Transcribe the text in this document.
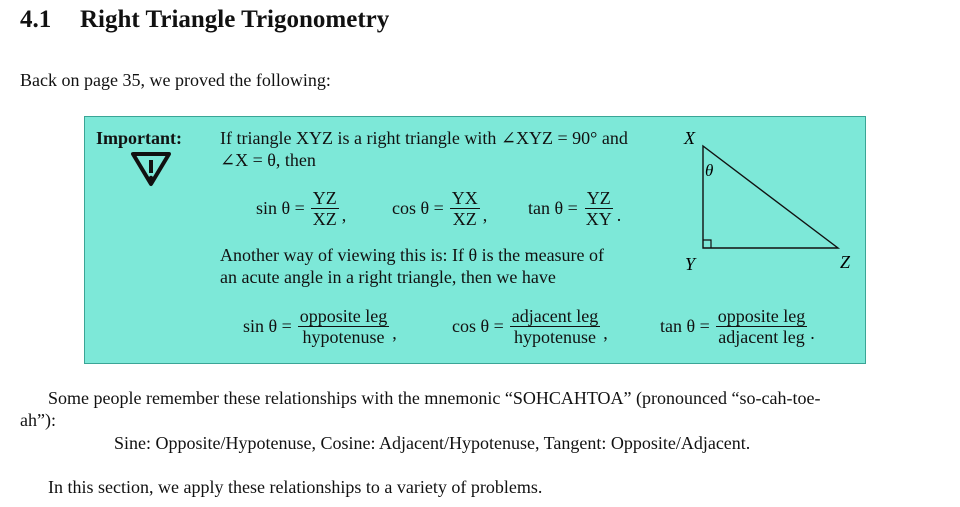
4.1 Right Triangle Trigonometry
Back on page 35, we proved the following:
Important: If triangle XYZ is a right triangle with ∠XYZ = 90° and
∠X = θ, then
$\sin \theta = \frac{YZ}{XZ}$ ,	$\cos \theta = \frac{YX}{XZ}$ , $\tan \theta = \frac{YZ}{XY}$ .
Another way of viewing this is: If θ is the measure of
an acute angle in a right triangle, then we have
$\sin \theta = \frac{\text{opposite leg}}{\text{hypotenuse}}$ ,	$\cos \theta = \frac{\text{adjacent leg}}{\text{hypotenuse}}$ ,	$\tan \theta = \frac{\text{opposite leg}}{\text{adjacent leg}}$ .
X
Y	Z
θ
Some people remember these relationships with the mnemonic “SOHCAHTOA” (pronounced “so-cah-toe-
ah”):
Sine: Opposite/Hypotenuse, Cosine: Adjacent/Hypotenuse, Tangent: Opposite/Adjacent.
In this section, we apply these relationships to a variety of problems.
